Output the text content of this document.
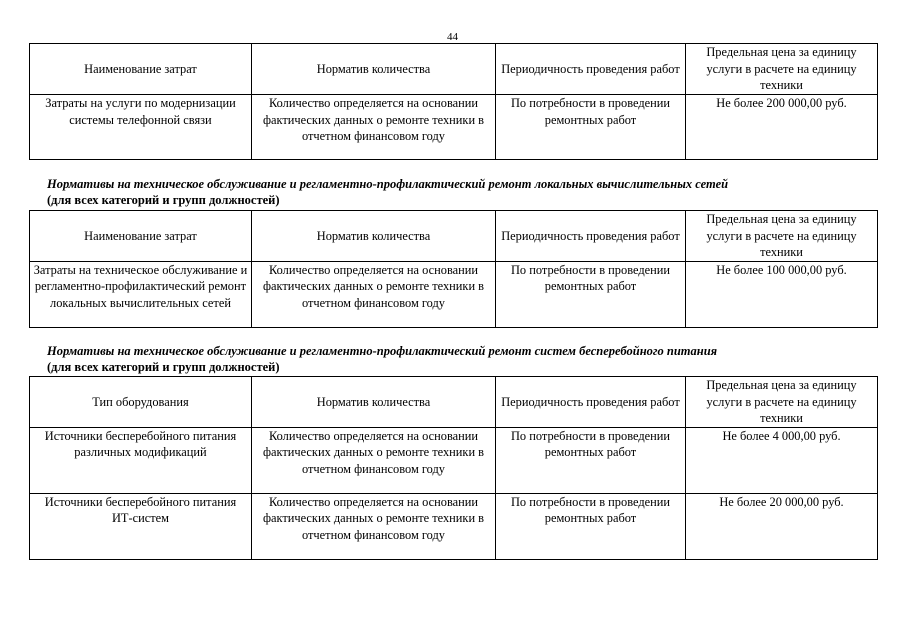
44
Наименование затрат	Норматив количества	Периодичность проведения работ	Предельная цена за единицу услуги в расчете на единицу техники
Затраты на услуги по модернизации системы телефонной связи	Количество определяется на основании фактических данных о ремонте техники в отчетном финансовом году	По потребности в проведении ремонтных работ	Не более 200 000,00 руб.
Нормативы на техническое обслуживание и регламентно-профилактический ремонт локальных вычислительных сетей
(для всех категорий и групп должностей)
Наименование затрат	Норматив количества	Периодичность проведения работ	Предельная цена за единицу услуги в расчете на единицу техники
Затраты на техническое обслуживание и регламентно-профилактический ремонт локальных вычислительных сетей	Количество определяется на основании фактических данных о ремонте техники в отчетном финансовом году	По потребности в проведении ремонтных работ	Не более 100 000,00 руб.
Нормативы на техническое обслуживание и регламентно-профилактический ремонт систем бесперебойного питания
(для всех категорий и групп должностей)
Тип оборудования	Норматив количества	Периодичность проведения работ	Предельная цена за единицу услуги в расчете на единицу техники
Источники бесперебойного питания различных модификаций	Количество определяется на основании фактических данных о ремонте техники в отчетном финансовом году	По потребности в проведении ремонтных работ	Не более 4 000,00 руб.
Источники бесперебойного питания ИТ-систем	Количество определяется на основании фактических данных о ремонте техники в отчетном финансовом году	По потребности в проведении ремонтных работ	Не более 20 000,00 руб.
